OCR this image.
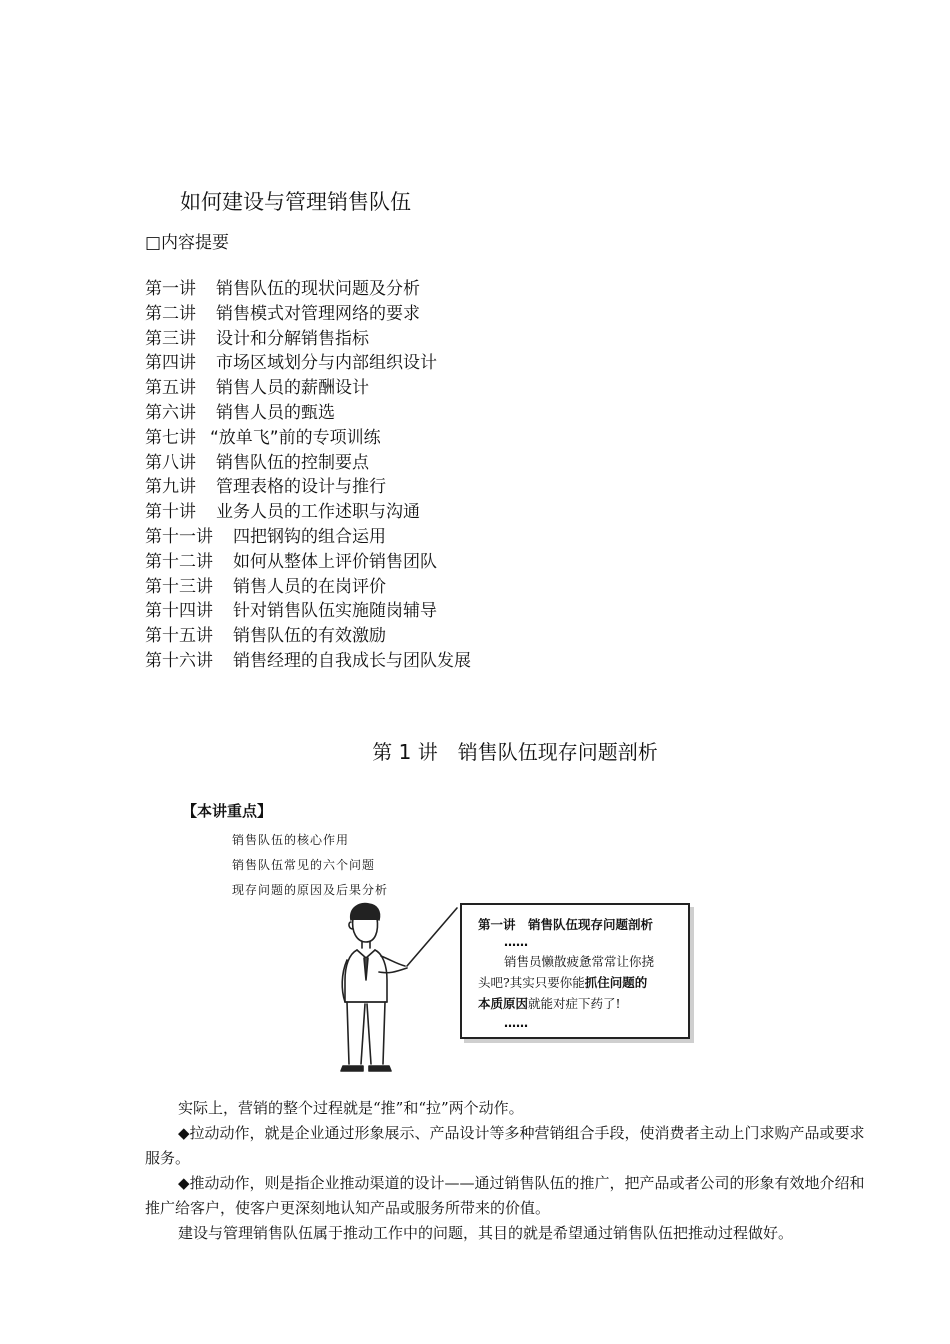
如何建设与管理销售队伍
□内容提要
第一讲 销售队伍的现状问题及分析
第二讲 销售模式对管理网络的要求
第三讲 设计和分解销售指标
第四讲 市场区域划分与内部组织设计
第五讲 销售人员的薪酬设计
第六讲 销售人员的甄选
第七讲 “放单飞”前的专项训练
第八讲 销售队伍的控制要点
第九讲 管理表格的设计与推行
第十讲 业务人员的工作述职与沟通
第十一讲 四把钢钩的组合运用
第十二讲 如何从整体上评价销售团队
第十三讲 销售人员的在岗评价
第十四讲 针对销售队伍实施随岗辅导
第十五讲 销售队伍的有效激励
第十六讲 销售经理的自我成长与团队发展
第 1 讲　销售队伍现存问题剖析
【本讲重点】
销售队伍的核心作用
销售队伍常见的六个问题
现存问题的原因及后果分析
第一讲　销售队伍现存问题剖析
……
销售员懒散疲惫常常让你挠
头吧?其实只要你能抓住问题的
本质原因就能对症下药了!
……

实际上，营销的整个过程就是“推”和“拉”两个动作。

◆拉动动作，就是企业通过形象展示、产品设计等多种营销组合手段，使消费者主动上门求购产品或要求服务。

◆推动动作，则是指企业推动渠道的设计——通过销售队伍的推广，把产品或者公司的形象有效地介绍和推广给客户，使客户更深刻地认知产品或服务所带来的价值。

建设与管理销售队伍属于推动工作中的问题，其目的就是希望通过销售队伍把推动过程做好。
